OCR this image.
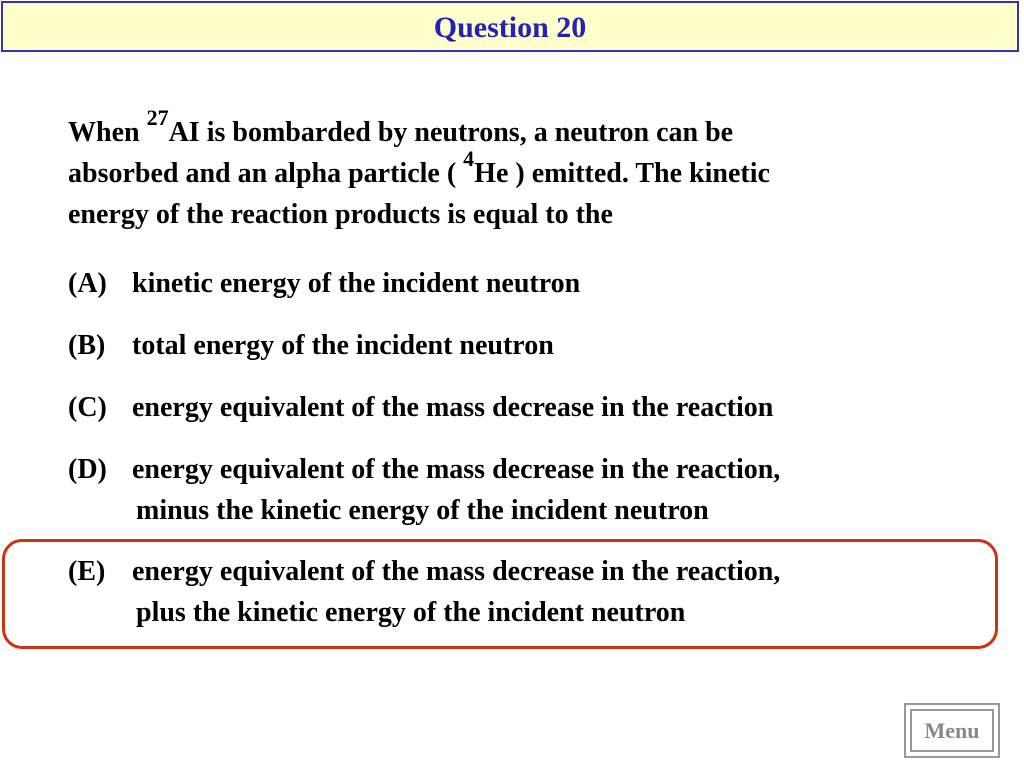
Question 20

When $^{27}$AI is bombarded by neutrons, a neutron can be
absorbed and an alpha particle ( $^4$He ) emitted. The kinetic
energy of the reaction products is equal to the

(A) kinetic energy of the incident neutron
(B) total energy of the incident neutron
(C) energy equivalent of the mass decrease in the reaction
(D) energy equivalent of the mass decrease in the reaction,
minus the kinetic energy of the incident neutron
(E) energy equivalent of the mass decrease in the reaction,
plus the kinetic energy of the incident neutron
Menu
